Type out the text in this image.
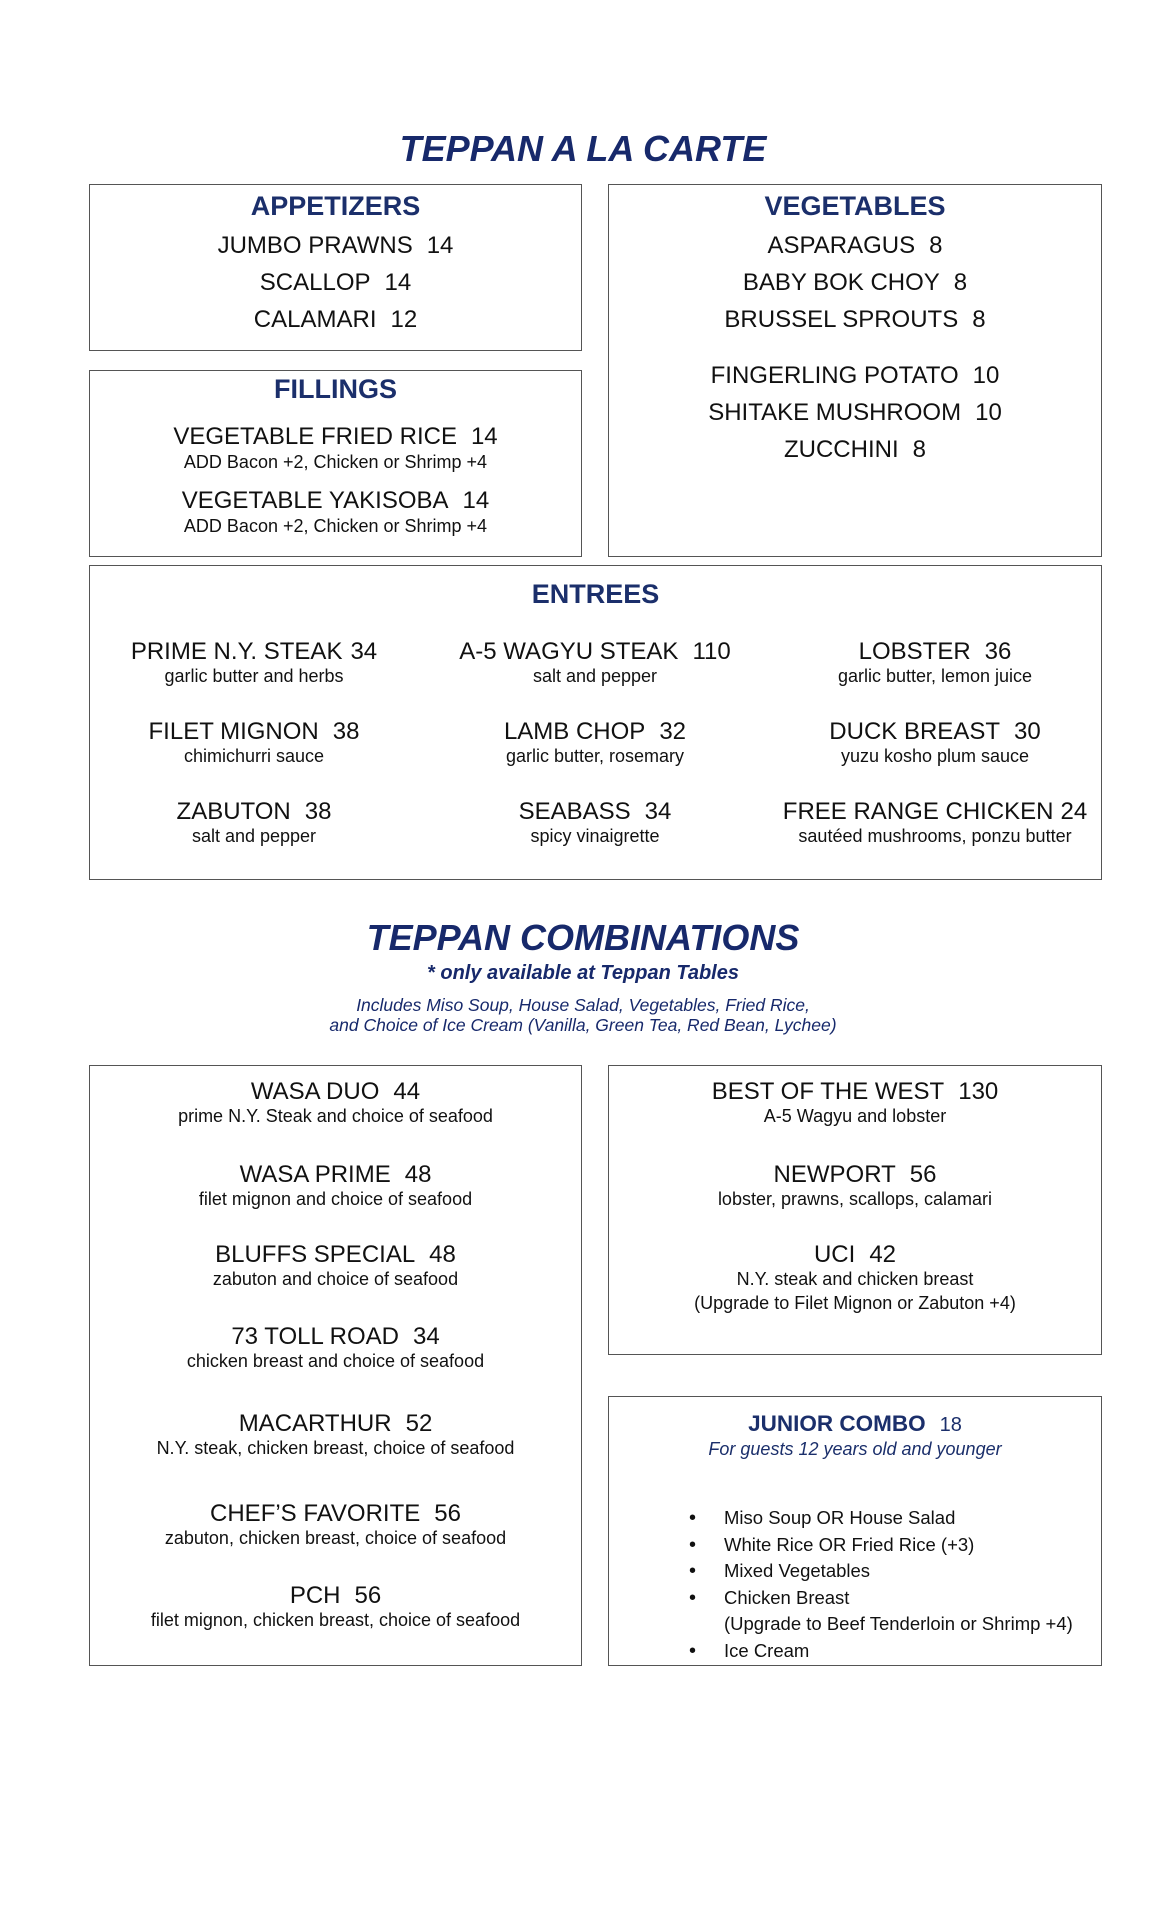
TEPPAN A LA CARTE
APPETIZERS
JUMBO PRAWNS 14
SCALLOP 14
CALAMARI 12
VEGETABLES
ASPARAGUS 8
BABY BOK CHOY 8
BRUSSEL SPROUTS 8
FINGERLING POTATO 10
SHITAKE MUSHROOM 10
ZUCCHINI 8
FILLINGS
VEGETABLE FRIED RICE 14
ADD Bacon +2, Chicken or Shrimp +4
VEGETABLE YAKISOBA 14
ADD Bacon +2, Chicken or Shrimp +4
ENTREES
PRIME N.Y. STEAK 34
garlic butter and herbs
A-5 WAGYU STEAK 110
salt and pepper
LOBSTER 36
garlic butter, lemon juice
FILET MIGNON 38
chimichurri sauce
LAMB CHOP 32
garlic butter, rosemary
DUCK BREAST 30
yuzu kosho plum sauce
ZABUTON 38
salt and pepper
SEABASS 34
spicy vinaigrette
FREE RANGE CHICKEN 24
sautéed mushrooms, ponzu butter
TEPPAN COMBINATIONS
* only available at Teppan Tables
Includes Miso Soup, House Salad, Vegetables, Fried Rice,
and Choice of Ice Cream (Vanilla, Green Tea, Red Bean, Lychee)
WASA DUO 44
prime N.Y. Steak and choice of seafood
WASA PRIME 48
filet mignon and choice of seafood
BLUFFS SPECIAL 48
zabuton and choice of seafood
73 TOLL ROAD 34
chicken breast and choice of seafood
MACARTHUR 52
N.Y. steak, chicken breast, choice of seafood
CHEF’S FAVORITE 56
zabuton, chicken breast, choice of seafood
PCH 56
filet mignon, chicken breast, choice of seafood
BEST OF THE WEST 130
A-5 Wagyu and lobster
NEWPORT 56
lobster, prawns, scallops, calamari
UCI 42
N.Y. steak and chicken breast
(Upgrade to Filet Mignon or Zabuton +4)
JUNIOR COMBO 18
For guests 12 years old and younger
• Miso Soup OR House Salad
• White Rice OR Fried Rice (+3)
• Mixed Vegetables
• Chicken Breast
(Upgrade to Beef Tenderloin or Shrimp +4)
• Ice Cream
